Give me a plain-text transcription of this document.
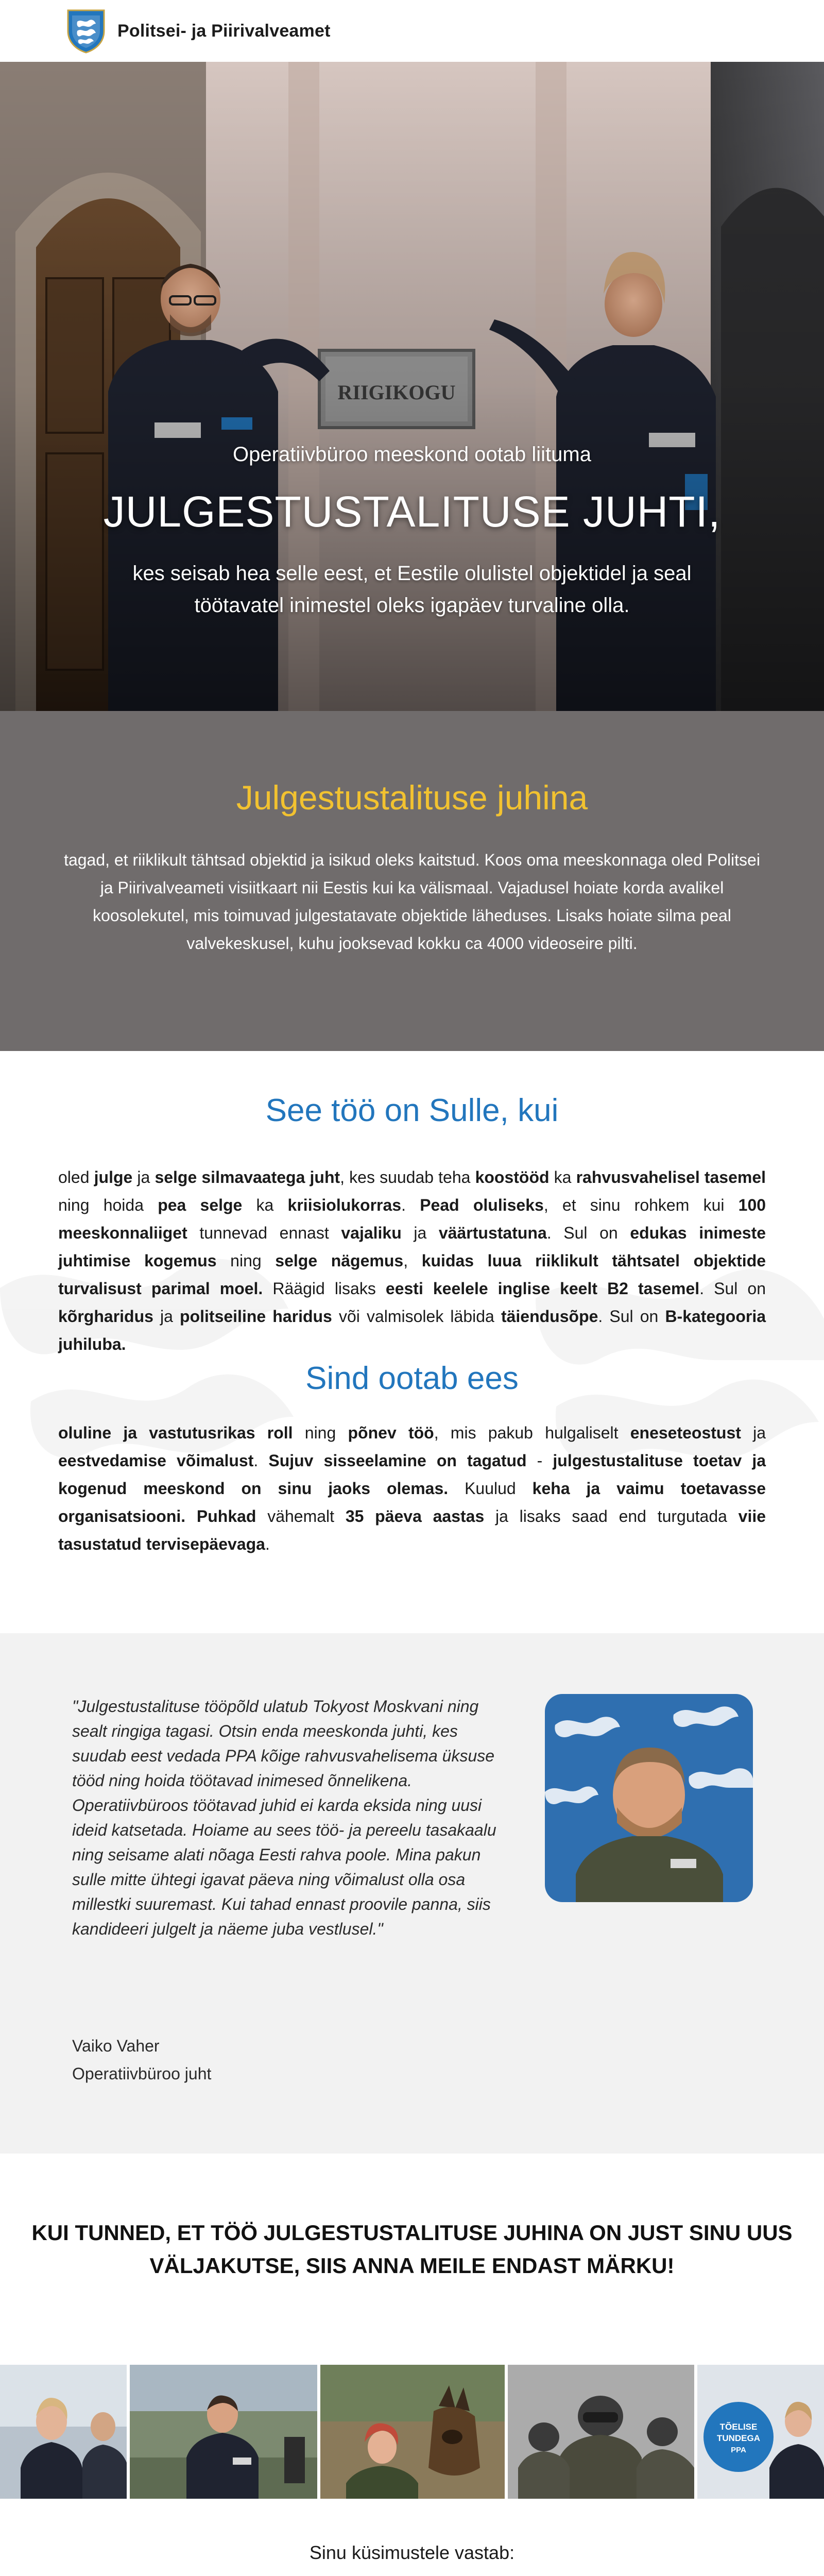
Politsei- ja Piirivalveamet

Operatiivbüroo meeskond ootab liituma

JULGESTUSTALITUSE JUHTI,

kes seisab hea selle eest, et Eestile olulistel objektidel ja seal töötavatel inimestel oleks igapäev turvaline olla.

Julgestustalituse juhina

tagad, et riiklikult tähtsad objektid ja isikud oleks kaitstud. Koos oma meeskonnaga oled Politsei ja Piirivalveameti visiitkaart nii Eestis kui ka välismaal. Vajadusel hoiate korda avalikel koosolekutel, mis toimuvad julgestatavate objektide läheduses. Lisaks hoiate silma peal valvekeskusel, kuhu jooksevad kokku ca 4000 videoseire pilti.

See töö on Sulle, kui

oled julge ja selge silmavaatega juht, kes suudab teha koostööd ka rahvusvahelisel tasemel ning hoida pea selge ka kriisiolukorras. Pead oluliseks, et sinu rohkem kui 100 meeskonnaliiget tunnevad ennast vajaliku ja väärtustatuna. Sul on edukas inimeste juhtimise kogemus ning selge nägemus, kuidas luua riiklikult tähtsatel objektide turvalisust parimal moel. Räägid lisaks eesti keelele inglise keelt B2 tasemel. Sul on kõrgharidus ja politseiline haridus või valmisolek läbida täiendusõpe. Sul on B-kategooria juhiluba.

Sind ootab ees

oluline ja vastutusrikas roll ning põnev töö, mis pakub hulgaliselt eneseteostust ja eestvedamise võimalust. Sujuv sisseelamine on tagatud - julgestustalituse toetav ja kogenud meeskond on sinu jaoks olemas. Kuulud keha ja vaimu toetavasse organisatsiooni. Puhkad vähemalt 35 päeva aastas ja lisaks saad end turgutada viie tasustatud tervisepäevaga.

"Julgestustalituse tööpõld ulatub Tokyost Moskvani ning sealt ringiga tagasi. Otsin enda meeskonda juhti, kes suudab eest vedada PPA kõige rahvusvahelisema üksuse tööd ning hoida töötavad inimesed õnnelikena. Operatiivbüroos töötavad juhid ei karda eksida ning uusi ideid katsetada. Hoiame au sees töö- ja pereelu tasakaalu ning seisame alati nõaga Eesti rahva poole. Mina pakun sulle mitte ühtegi igavat päeva ning võimalust olla osa millestki suuremast. Kui tahad ennast proovile panna, siis kandideeri julgelt ja näeme juba vestlusel."

Vaiko Vaher

Operatiivbüroo juht

KUI TUNNED, ET TÖÖ JULGESTUSTALITUSE JUHINA ON JUST SINU UUS VÄLJAKUTSE, SIIS ANNA MEILE ENDAST MÄRKU!

TÕELISE
TUNDEGA
PPA

Sinu küsimustele vastab:
